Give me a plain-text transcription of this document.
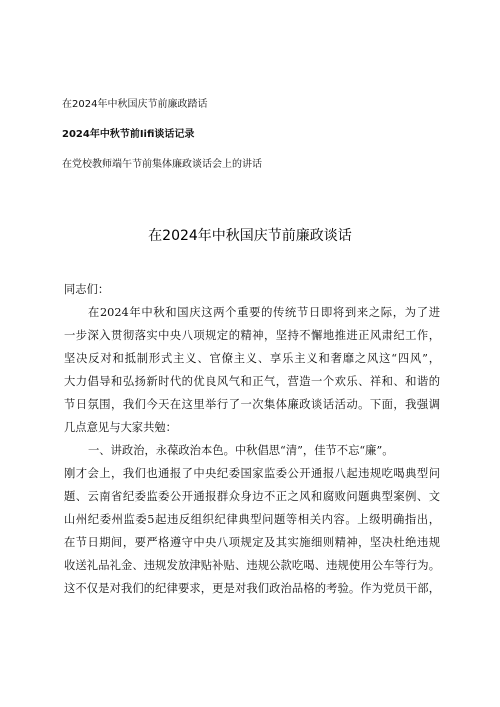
在2024年中秋国庆节前廉政踏话
2024年中秋节前Iifi谈话记录
在党校教师端午节前集体廉政谈话会上的讲话
在2024年中秋国庆节前廉政谈话
同志们：
在2024年中秋和国庆这两个重要的传统节日即将到来之际，为了进
一步深入贯彻落实中央八项规定的精神，坚持不懈地推进正风肃纪工作，
坚决反对和抵制形式主义、官僚主义、享乐主义和奢靡之风这“四风”，
大力倡导和弘扬新时代的优良风气和正气，营造一个欢乐、祥和、和谐的
节日氛围，我们今天在这里举行了一次集体廉政谈话活动。下面，我强调
几点意见与大家共勉：
一、讲政治，永葆政治本色。中秋倡思“清”，佳节不忘“廉”。
刚才会上，我们也通报了中央纪委国家监委公开通报八起违规吃喝典型问
题、云南省纪委监委公开通报群众身边不正之风和腐败问题典型案例、文
山州纪委州监委5起违反组织纪律典型问题等相关内容。上级明确指出，
在节日期间，要严格遵守中央八项规定及其实施细则精神，坚决杜绝违规
收送礼品礼金、违规发放津贴补贴、违规公款吃喝、违规使用公车等行为。
这不仅是对我们的纪律要求，更是对我们政治品格的考验。作为党员干部，
